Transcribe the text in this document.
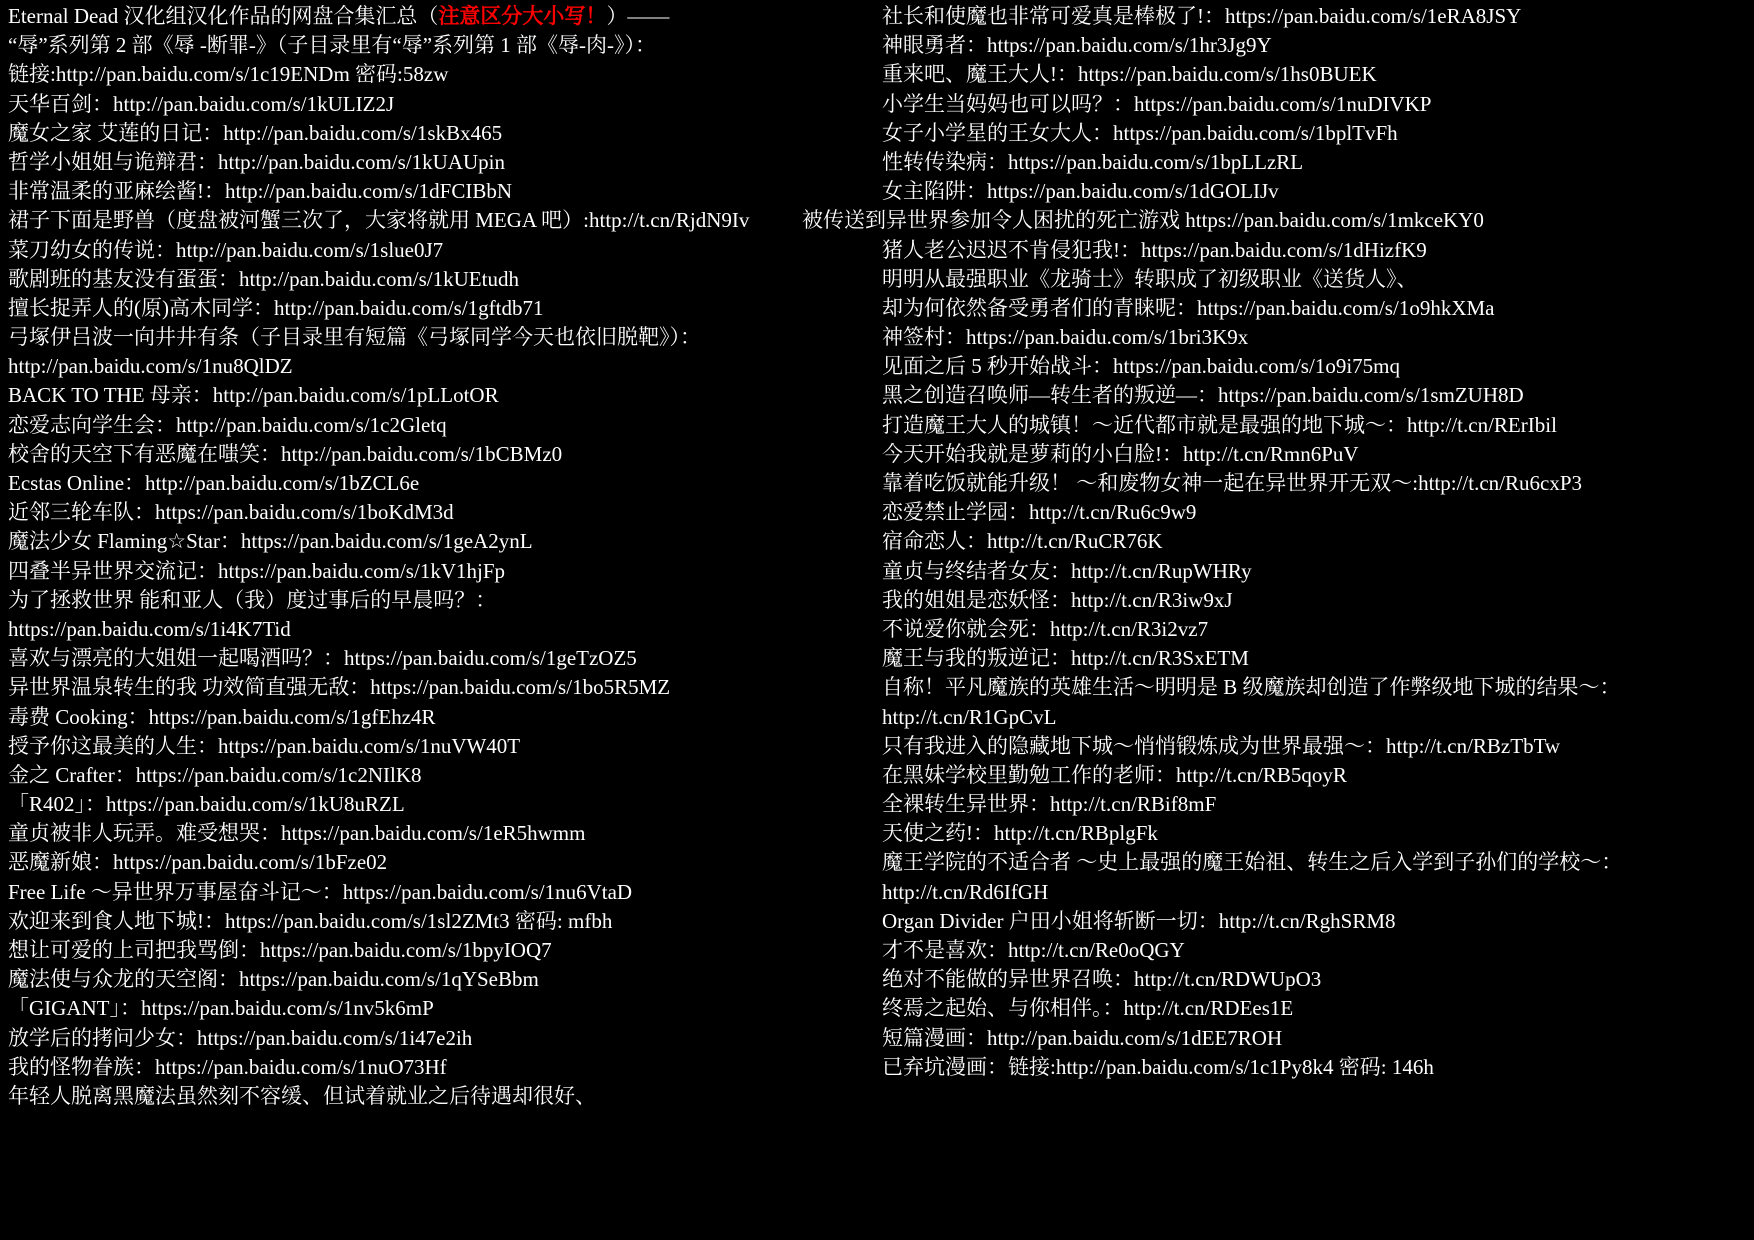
Eternal Dead 汉化组汉化作品的网盘合集汇总（注意区分大小写！）——
“辱”系列第 2 部《辱 -断罪-》（子目录里有“辱”系列第 1 部《辱-肉-》）：
链接:http://pan.baidu.com/s/1c19ENDm 密码:58zw
天华百剑：http://pan.baidu.com/s/1kULIZ2J
魔女之家 艾莲的日记：http://pan.baidu.com/s/1skBx465
哲学小姐姐与诡辩君：http://pan.baidu.com/s/1kUAUpin
非常温柔的亚麻绘酱!：http://pan.baidu.com/s/1dFCIBbN
裙子下面是野兽（度盘被河蟹三次了，大家将就用 MEGA 吧）:http://t.cn/RjdN9Iv
菜刀幼女的传说：http://pan.baidu.com/s/1slue0J7
歌剧班的基友没有蛋蛋：http://pan.baidu.com/s/1kUEtudh
擅长捉弄人的(原)高木同学：http://pan.baidu.com/s/1gftdb71
弓塚伊吕波一向井井有条（子目录里有短篇《弓塚同学今天也依旧脱靶》）：
http://pan.baidu.com/s/1nu8QlDZ
BACK TO THE 母亲：http://pan.baidu.com/s/1pLLotOR
恋爱志向学生会：http://pan.baidu.com/s/1c2Gletq
校舍的天空下有恶魔在嗤笑：http://pan.baidu.com/s/1bCBMz0
Ecstas Online：http://pan.baidu.com/s/1bZCL6e
近邻三轮车队：https://pan.baidu.com/s/1boKdM3d
魔法少女 Flaming☆Star：https://pan.baidu.com/s/1geA2ynL
四叠半异世界交流记：https://pan.baidu.com/s/1kV1hjFp
为了拯救世界 能和亚人（我）度过事后的早晨吗？：
https://pan.baidu.com/s/1i4K7Tid
喜欢与漂亮的大姐姐一起喝酒吗？：https://pan.baidu.com/s/1geTzOZ5
异世界温泉转生的我 功效简直强无敌：https://pan.baidu.com/s/1bo5R5MZ
毒费 Cooking：https://pan.baidu.com/s/1gfEhz4R
授予你这最美的人生：https://pan.baidu.com/s/1nuVW40T
金之 Crafter：https://pan.baidu.com/s/1c2NIlK8
「R402」：https://pan.baidu.com/s/1kU8uRZL
童贞被非人玩弄。难受想哭：https://pan.baidu.com/s/1eR5hwmm
恶魔新娘：https://pan.baidu.com/s/1bFze02
Free Life ～异世界万事屋奋斗记～：https://pan.baidu.com/s/1nu6VtaD
欢迎来到食人地下城!：https://pan.baidu.com/s/1sl2ZMt3 密码: mfbh
想让可爱的上司把我骂倒：https://pan.baidu.com/s/1bpyIOQ7
魔法使与众龙的天空阁：https://pan.baidu.com/s/1qYSeBbm
「GIGANT」：https://pan.baidu.com/s/1nv5k6mP
放学后的拷问少女：https://pan.baidu.com/s/1i47e2ih
我的怪物眷族：https://pan.baidu.com/s/1nuO73Hf
年轻人脱离黑魔法虽然刻不容缓、但试着就业之后待遇却很好、
社长和使魔也非常可爱真是棒极了!：https://pan.baidu.com/s/1eRA8JSY
神眼勇者：https://pan.baidu.com/s/1hr3Jg9Y
重来吧、魔王大人!：https://pan.baidu.com/s/1hs0BUEK
小学生当妈妈也可以吗？：https://pan.baidu.com/s/1nuDIVKP
女子小学星的王女大人：https://pan.baidu.com/s/1bplTvFh
性转传染病：https://pan.baidu.com/s/1bpLLzRL
女主陷阱：https://pan.baidu.com/s/1dGOLIJv
被传送到异世界参加令人困扰的死亡游戏 https://pan.baidu.com/s/1mkceKY0
猪人老公迟迟不肯侵犯我!：https://pan.baidu.com/s/1dHizfK9
明明从最强职业《龙骑士》转职成了初级职业《送货人》、
却为何依然备受勇者们的青睐呢：https://pan.baidu.com/s/1o9hkXMa
神签村：https://pan.baidu.com/s/1bri3K9x
见面之后 5 秒开始战斗：https://pan.baidu.com/s/1o9i75mq
黑之创造召唤师—转生者的叛逆—：https://pan.baidu.com/s/1smZUH8D
打造魔王大人的城镇！～近代都市就是最强的地下城～：http://t.cn/RErIbil
今天开始我就是萝莉的小白脸!：http://t.cn/Rmn6PuV
靠着吃饭就能升级！ ～和废物女神一起在异世界开无双～:http://t.cn/Ru6cxP3
恋爱禁止学园：http://t.cn/Ru6c9w9
宿命恋人：http://t.cn/RuCR76K
童贞与终结者女友：http://t.cn/RupWHRy
我的姐姐是恋妖怪：http://t.cn/R3iw9xJ
不说爱你就会死：http://t.cn/R3i2vz7
魔王与我的叛逆记：http://t.cn/R3SxETM
自称！平凡魔族的英雄生活～明明是 B 级魔族却创造了作弊级地下城的结果～：
http://t.cn/R1GpCvL
只有我进入的隐藏地下城～悄悄锻炼成为世界最强～：http://t.cn/RBzTbTw
在黑妹学校里勤勉工作的老师：http://t.cn/RB5qoyR
全裸转生异世界：http://t.cn/RBif8mF
天使之药!：http://t.cn/RBplgFk
魔王学院的不适合者 ～史上最强的魔王始祖、转生之后入学到子孙们的学校～：
http://t.cn/Rd6IfGH
Organ Divider 户田小姐将斩断一切：http://t.cn/RghSRM8
才不是喜欢：http://t.cn/Re0oQGY
绝对不能做的异世界召唤：http://t.cn/RDWUpO3
终焉之起始、与你相伴。：http://t.cn/RDEes1E
短篇漫画：http://pan.baidu.com/s/1dEE7ROH
已弃坑漫画：链接:http://pan.baidu.com/s/1c1Py8k4 密码: 146h
